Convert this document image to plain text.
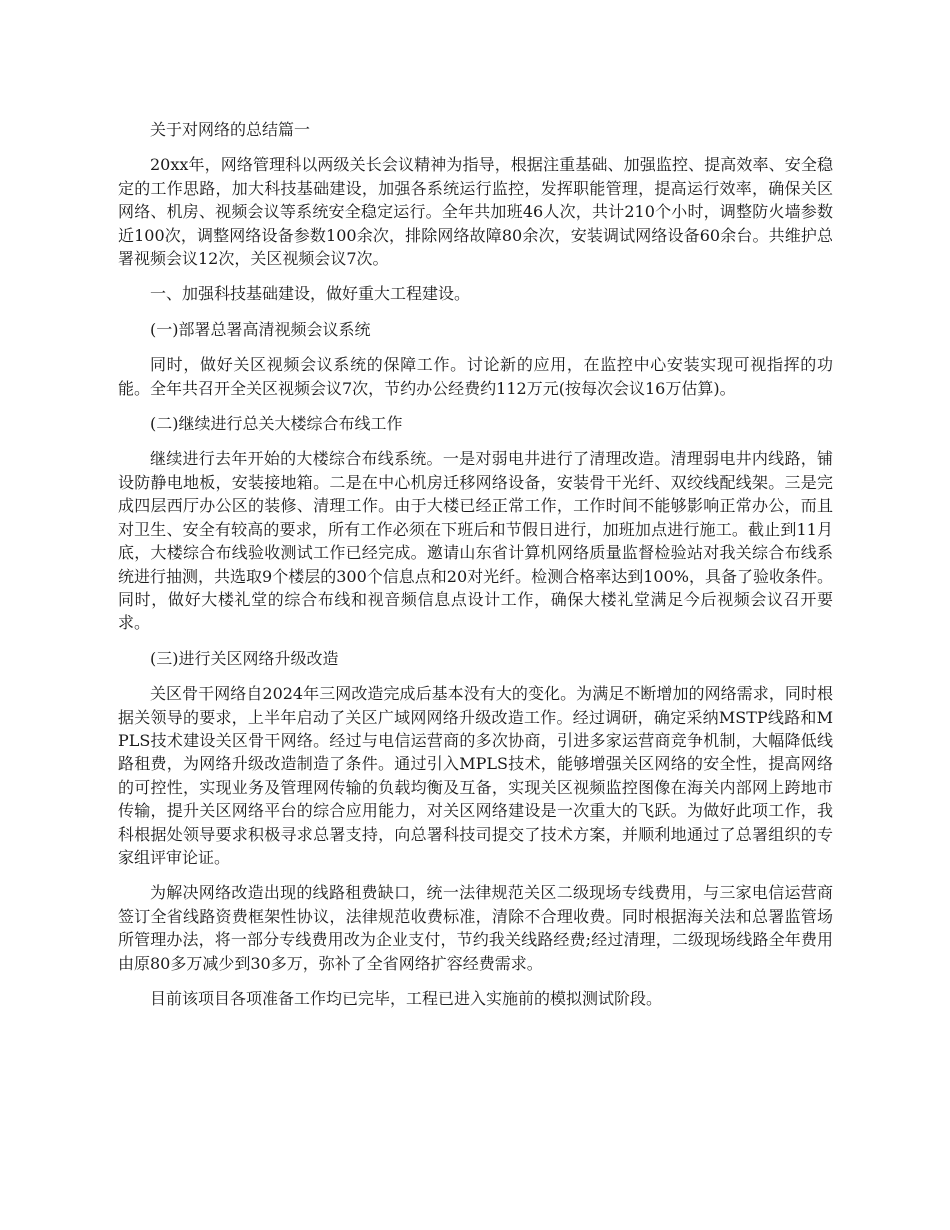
关于对网络的总结篇一

20xx年，网络管理科以两级关长会议精神为指导，根据注重基础、加强监控、提高效率、安全稳定的工作思路，加大科技基础建设，加强各系统运行监控，发挥职能管理，提高运行效率，确保关区网络、机房、视频会议等系统安全稳定运行。全年共加班46人次，共计210个小时，调整防火墙参数近100次，调整网络设备参数100余次，排除网络故障80余次，安装调试网络设备60余台。共维护总署视频会议12次，关区视频会议7次。

一、加强科技基础建设，做好重大工程建设。

(一)部署总署高清视频会议系统

同时，做好关区视频会议系统的保障工作。讨论新的应用，在监控中心安装实现可视指挥的功能。全年共召开全关区视频会议7次，节约办公经费约112万元(按每次会议16万估算)。

(二)继续进行总关大楼综合布线工作

继续进行去年开始的大楼综合布线系统。一是对弱电井进行了清理改造。清理弱电井内线路，铺设防静电地板，安装接地箱。二是在中心机房迁移网络设备，安装骨干光纤、双绞线配线架。三是完成四层西厅办公区的装修、清理工作。由于大楼已经正常工作，工作时间不能够影响正常办公，而且对卫生、安全有较高的要求，所有工作必须在下班后和节假日进行，加班加点进行施工。截止到11月底，大楼综合布线验收测试工作已经完成。邀请山东省计算机网络质量监督检验站对我关综合布线系统进行抽测，共选取9个楼层的300个信息点和20对光纤。检测合格率达到100%，具备了验收条件。同时，做好大楼礼堂的综合布线和视音频信息点设计工作，确保大楼礼堂满足今后视频会议召开要求。

(三)进行关区网络升级改造

关区骨干网络自2024年三网改造完成后基本没有大的变化。为满足不断增加的网络需求，同时根据关领导的要求，上半年启动了关区广域网网络升级改造工作。经过调研，确定采纳MSTP线路和MPLS技术建设关区骨干网络。经过与电信运营商的多次协商，引进多家运营商竞争机制，大幅降低线路租费，为网络升级改造制造了条件。通过引入MPLS技术，能够增强关区网络的安全性，提高网络的可控性，实现业务及管理网传输的负载均衡及互备，实现关区视频监控图像在海关内部网上跨地市传输，提升关区网络平台的综合应用能力，对关区网络建设是一次重大的飞跃。为做好此项工作，我科根据处领导要求积极寻求总署支持，向总署科技司提交了技术方案，并顺利地通过了总署组织的专家组评审论证。

为解决网络改造出现的线路租费缺口，统一法律规范关区二级现场专线费用，与三家电信运营商签订全省线路资费框架性协议，法律规范收费标准，清除不合理收费。同时根据海关法和总署监管场所管理办法，将一部分专线费用改为企业支付，节约我关线路经费;经过清理，二级现场线路全年费用由原80多万减少到30多万，弥补了全省网络扩容经费需求。

目前该项目各项准备工作均已完毕，工程已进入实施前的模拟测试阶段。
